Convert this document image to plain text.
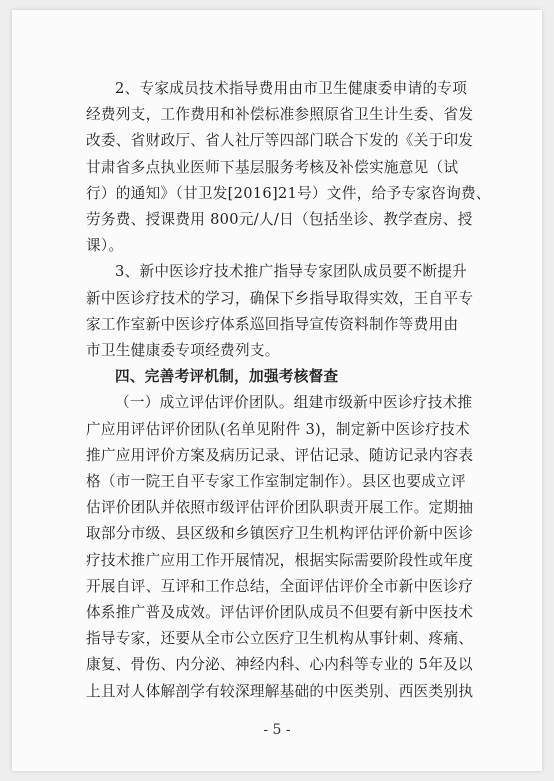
2、专家成员技术指导费用由市卫生健康委申请的专项
经费列支，工作费用和补偿标准参照原省卫生计生委、省发
改委、省财政厅、省人社厅等四部门联合下发的《关于印发
甘肃省多点执业医师下基层服务考核及补偿实施意见（试
行）的通知》（甘卫发[2016]21号）文件，给予专家咨询费、
劳务费、授课费用 800元/人/日（包括坐诊、教学查房、授
课）。
3、新中医诊疗技术推广指导专家团队成员要不断提升
新中医诊疗技术的学习，确保下乡指导取得实效，王自平专
家工作室新中医诊疗体系巡回指导宣传资料制作等费用由
市卫生健康委专项经费列支。
四、完善考评机制，加强考核督查
（一）成立评估评价团队。组建市级新中医诊疗技术推
广应用评估评价团队(名单见附件 3)，制定新中医诊疗技术
推广应用评价方案及病历记录、评估记录、随访记录内容表
格（市一院王自平专家工作室制定制作）。县区也要成立评
估评价团队并依照市级评估评价团队职责开展工作。定期抽
取部分市级、县区级和乡镇医疗卫生机构评估评价新中医诊
疗技术推广应用工作开展情况，根据实际需要阶段性或年度
开展自评、互评和工作总结，全面评估评价全市新中医诊疗
体系推广普及成效。评估评价团队成员不但要有新中医技术
指导专家，还要从全市公立医疗卫生机构从事针刺、疼痛、
康复、骨伤、内分泌、神经内科、心内科等专业的 5年及以
上且对人体解剖学有较深理解基础的中医类别、西医类别执
- 5 -
